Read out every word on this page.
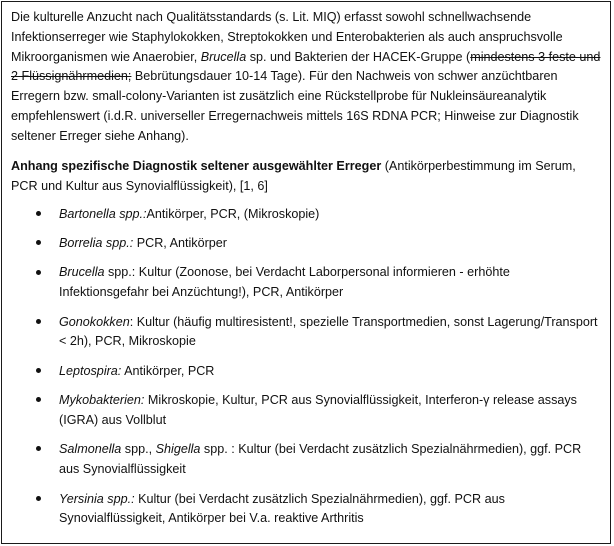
Die kulturelle Anzucht nach Qualitätsstandards (s. Lit. MIQ) erfasst sowohl schnellwachsende Infektionserreger wie Staphylokokken, Streptokokken und Enterobakterien als auch anspruchsvolle Mikroorganismen wie Anaerobier, Brucella sp. und Bakterien der HACEK-Gruppe (mindestens 3 feste und 2 Flüssignährmedien; Bebrütungsdauer 10-14 Tage). Für den Nachweis von schwer anzüchtbaren Erregern bzw. small-colony-Varianten ist zusätzlich eine Rückstellprobe für Nukleinsäureanalytik empfehlenswert (i.d.R. universeller Erregernachweis mittels 16S RDNA PCR; Hinweise zur Diagnostik seltener Erreger siehe Anhang).

Anhang spezifische Diagnostik seltener ausgewählter Erreger (Antikörperbestimmung im Serum, PCR und Kultur aus Synovialflüssigkeit), [1, 6]

Bartonella spp.:Antikörper, PCR, (Mikroskopie)
Borrelia spp.: PCR, Antikörper
Brucella spp.: Kultur (Zoonose, bei Verdacht Laborpersonal informieren - erhöhte Infektionsgefahr bei Anzüchtung!), PCR, Antikörper
Gonokokken: Kultur (häufig multiresistent!, spezielle Transportmedien, sonst Lagerung/Transport < 2h), PCR, Mikroskopie
Leptospira: Antikörper, PCR
Mykobakterien: Mikroskopie, Kultur, PCR aus Synovialflüssigkeit, Interferon-γ release assays (IGRA) aus Vollblut
Salmonella spp., Shigella spp. : Kultur (bei Verdacht zusätzlich Spezialnährmedien), ggf. PCR aus Synovialflüssigkeit
Yersinia spp.: Kultur (bei Verdacht zusätzlich Spezialnährmedien), ggf. PCR aus Synovialflüssigkeit, Antikörper bei V.a. reaktive Arthritis
